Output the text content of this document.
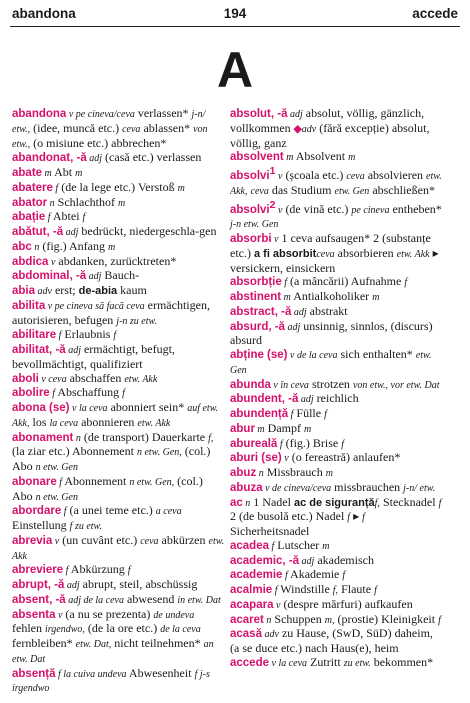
abandona	194	accede
A

abandona v pe cineva/ceva verlassen* j-n/ etw., (idee, muncă etc.) ceva ablassen* von etw., (o misiune etc.) abbrechen*

abandonat, -ă adj (casă etc.) verlassen

abate m Abt m

abatere f (de la lege etc.) Verstoß m

abator n Schlachthof m

abație f Abtei f

abătut, -ă adj bedrückt, niedergeschla-gen

abc n (fig.) Anfang m

abdica v abdanken, zurücktreten*

abdominal, -ă adj Bauch-

abia adv erst; de-abia kaum

abilita v pe cineva să facă ceva ermächtigen, autorisieren, befugen j-n zu etw.

abilitare f Erlaubnis f

abilitat, -ă adj ermächtigt, befugt, bevollmächtigt, qualifiziert

aboli v ceva abschaffen etw. Akk

abolire f Abschaffung f

abona (se) v la ceva abonniert sein* auf etw. Akk, los la ceva abonnieren etw. Akk

abonament n (de transport) Dauerkarte f, (la ziar etc.) Abonnement n etw. Gen, (col.) Abo n etw. Gen

abonare f Abonnement n etw. Gen, (col.) Abo n etw. Gen

abordare f (a unei teme etc.) a ceva Einstellung f zu etw.

abrevia v (un cuvânt etc.) ceva abkürzen etw. Akk

abreviere f Abkürzung f

abrupt, -ă adj abrupt, steil, abschüssig

absent, -ă adj de la ceva abwesend in etw. Dat

absenta v (a nu se prezenta) de undeva fehlen irgendwo, (de la ore etc.) de la ceva fernbleiben* etw. Dat, nicht teilnehmen* an etw. Dat

absență f la cuiva undeva Abwesenheit f j-s irgendwo

absolut, -ă adj absolut, völlig, gänzlich, vollkommen ◆adv (fără excepție) absolut, völlig, ganz

absolvent m Absolvent m

absolvi$^1$ v (școala etc.) ceva absolvieren etw. Akk, ceva das Studium etw. Gen abschließen*

absolvi$^2$ v (de vină etc.) pe cineva entheben* j-n etw. Gen

absorbi v 1 ceva aufsaugen* 2 (substanțe etc.) a fi absorbitceva absorbieren etw. Akk ▸ versickern, einsickern

absorbție f (a mâncării) Aufnahme f

abstinent m Antialkoholiker m

abstract, -ă adj abstrakt

absurd, -ă adj unsinnig, sinnlos, (discurs) absurd

abține (se) v de la ceva sich enthalten* etw. Gen

abunda v în ceva strotzen von etw., vor etw. Dat

abundent, -ă adj reichlich

abundență f Fülle f

abur m Dampf m

abureală f (fig.) Brise f

aburi (se) v (o fereastră) anlaufen*

abuz n Missbrauch m

abuza v de cineva/ceva missbrauchen j-n/ etw.

ac n 1 Nadel ac de siguranțăf, Stecknadel f 2 (de busolă etc.) Nadel f ▸ f Sicherheitsnadel

acadea f Lutscher m

academic, -ă adj akademisch

academie f Akademie f

acalmie f Windstille f, Flaute f

acapara v (despre mărfuri) aufkaufen

acaret n Schuppen m, (prostie) Kleinigkeit f

acasă adv zu Hause, (SwD, SüD) daheim, (a se duce etc.) nach Haus(e), heim

accede v la ceva Zutritt zu etw. bekommen*
